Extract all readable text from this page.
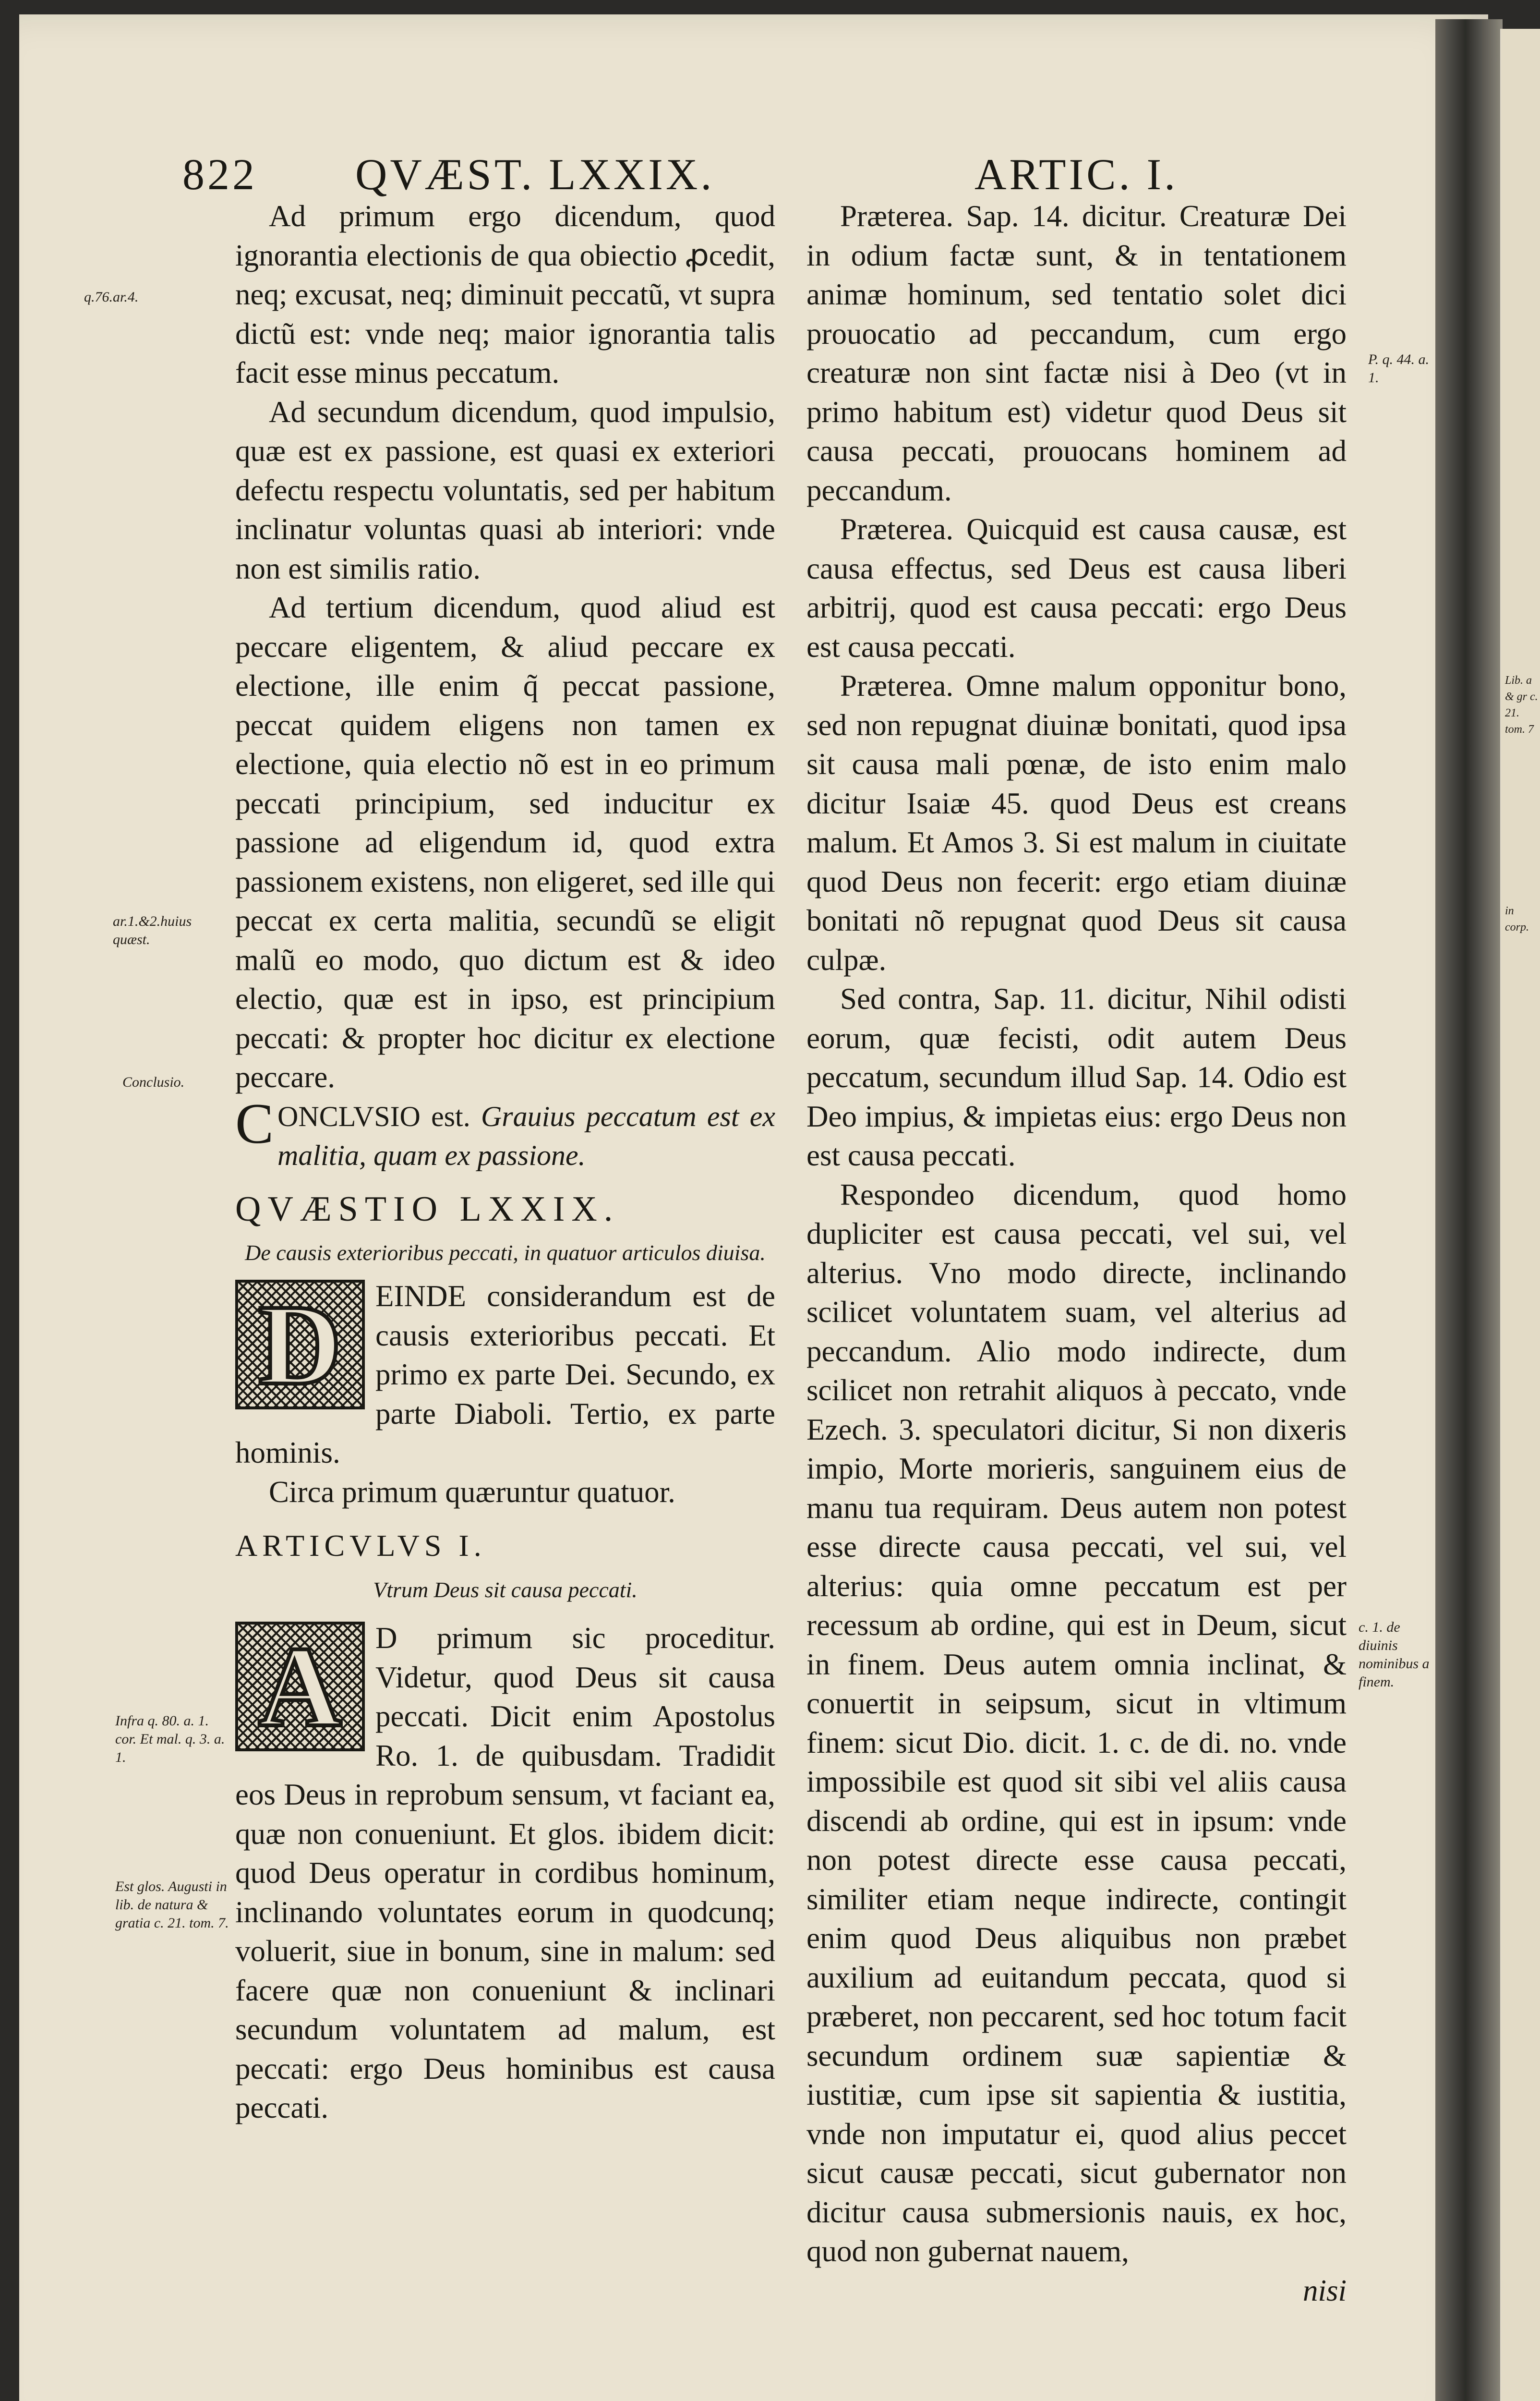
Lib. a & gr c. 21. tom. 7
in corp.
822 QVÆST. LXXIX.	ARTIC. I.
q.76.ar.4.
ar.1.&2.huius quæst.
Conclusio.
Infra q. 80. a. 1. cor. Et mal. q. 3. a. 1.
Est glos. Augusti in lib. de natura & gratia c. 21. tom. 7.
P. q. 44. a. 1.
c. 1. de diuinis nominibus a finem.

Ad primum ergo dicendum, quod ignorantia electionis de qua obiectio ꝓcedit, neq; excusat, neq; diminuit peccatũ, vt supra dictũ est: vnde neq; maior ignorantia talis facit esse minus peccatum.

Ad secundum dicendum, quod impulsio, quæ est ex passione, est quasi ex exteriori defectu respectu voluntatis, sed per habitum inclinatur voluntas quasi ab interiori: vnde non est similis ratio.

Ad tertium dicendum, quod aliud est peccare eligentem, & aliud peccare ex electione, ille enim q̃ peccat passione, peccat quidem eligens non tamen ex electione, quia electio nõ est in eo primum peccati principium, sed inducitur ex passione ad eligendum id, quod extra passionem existens, non eligeret, sed ille qui peccat ex certa malitia, secundũ se eligit malũ eo modo, quo dictum est & ideo electio, quæ est in ipso, est principium peccati: & propter hoc dicitur ex electione peccare.

C ONCLVSIO est. Grauius peccatum est ex malitia, quam ex passione.

QVÆSTIO LXXIX.

De causis exterioribus peccati, in quatuor articulos diuisa.

D	EINDE considerandum est de causis exterioribus peccati. Et primo ex parte Dei. Secundo, ex parte Diaboli. Tertio, ex parte hominis.

Circa primum quæruntur quatuor.

ARTICVLVS I.

Vtrum Deus sit causa peccati.

A	D primum sic proceditur. Videtur, quod Deus sit causa peccati. Dicit enim Apostolus Ro. 1. de quibusdam. Tradidit eos Deus in reprobum sensum, vt faciant ea, quæ non conueniunt. Et glos. ibidem dicit: quod Deus operatur in cordibus hominum, inclinando voluntates eorum in quodcunq; voluerit, siue in bonum, sine in malum: sed facere quæ non conueniunt & inclinari secundum voluntatem ad malum, est peccati: ergo Deus hominibus est causa peccati.

Præterea. Sap. 14. dicitur. Creaturæ Dei in odium factæ sunt, & in tentationem animæ hominum, sed tentatio solet dici prouocatio ad peccandum, cum ergo creaturæ non sint factæ nisi à Deo (vt in primo habitum est) videtur quod Deus sit causa peccati, prouocans hominem ad peccandum.

Præterea. Quicquid est causa causæ, est causa effectus, sed Deus est causa liberi arbitrij, quod est causa peccati: ergo Deus est causa peccati.

Præterea. Omne malum opponitur bono, sed non repugnat diuinæ bonitati, quod ipsa sit causa mali pœnæ, de isto enim malo dicitur Isaiæ 45. quod Deus est creans malum. Et Amos 3. Si est malum in ciuitate quod Deus non fecerit: ergo etiam diuinæ bonitati nõ repugnat quod Deus sit causa culpæ.

Sed contra, Sap. 11. dicitur, Nihil odisti eorum, quæ fecisti, odit autem Deus peccatum, secundum illud Sap. 14. Odio est Deo impius, & impietas eius: ergo Deus non est causa peccati.

Respondeo dicendum, quod homo dupliciter est causa peccati, vel sui, vel alterius. Vno modo directe, inclinando scilicet voluntatem suam, vel alterius ad peccandum. Alio modo indirecte, dum scilicet non retrahit aliquos à peccato, vnde Ezech. 3. speculatori dicitur, Si non dixeris impio, Morte morieris, sanguinem eius de manu tua requiram. Deus autem non potest esse directe causa peccati, vel sui, vel alterius: quia omne peccatum est per recessum ab ordine, qui est in Deum, sicut in finem. Deus autem omnia inclinat, & conuertit in seipsum, sicut in vltimum finem: sicut Dio. dicit. 1. c. de di. no. vnde impossibile est quod sit sibi vel aliis causa discendi ab ordine, qui est in ipsum: vnde non potest directe esse causa peccati, similiter etiam neque indirecte, contingit enim quod Deus aliquibus non præbet auxilium ad euitandum peccata, quod si præberet, non peccarent, sed hoc totum facit secundum ordinem suæ sapientiæ & iustitiæ, cum ipse sit sapientia & iustitia, vnde non imputatur ei, quod alius peccet sicut causæ peccati, sicut gubernator non dicitur causa submersionis nauis, ex hoc, quod non gubernat nauem,

nisi
